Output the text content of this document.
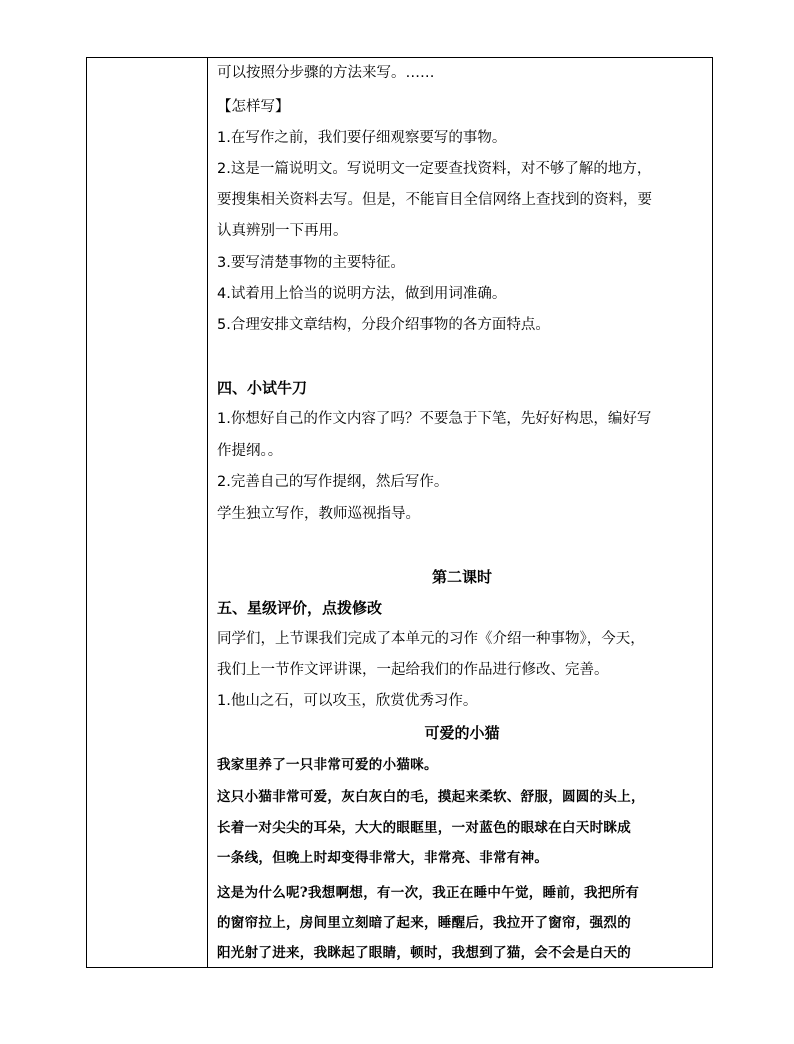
可以按照分步骤的方法来写。……
【怎样写】
1.在写作之前，我们要仔细观察要写的事物。
2.这是一篇说明文。写说明文一定要查找资料，对不够了解的地方，
要搜集相关资料去写。但是，不能盲目全信网络上查找到的资料，要
认真辨别一下再用。
3.要写清楚事物的主要特征。
4.试着用上恰当的说明方法，做到用词准确。
5.合理安排文章结构，分段介绍事物的各方面特点。
四、小试牛刀
1.你想好自己的作文内容了吗？不要急于下笔，先好好构思，编好写
作提纲。。
2.完善自己的写作提纲，然后写作。
学生独立写作，教师巡视指导。
第二课时
五、星级评价，点拨修改
同学们，上节课我们完成了本单元的习作《介绍一种事物》，今天，
我们上一节作文评讲课，一起给我们的作品进行修改、完善。
1.他山之石，可以攻玉，欣赏优秀习作。
可爱的小猫
我家里养了一只非常可爱的小猫咪。
这只小猫非常可爱，灰白灰白的毛，摸起来柔软、舒服，圆圆的头上，
长着一对尖尖的耳朵，大大的眼眶里，一对蓝色的眼球在白天时眯成
一条线，但晚上时却变得非常大，非常亮、非常有神。
这是为什么呢?我想啊想，有一次，我正在睡中午觉，睡前，我把所有
的窗帘拉上，房间里立刻暗了起来，睡醒后，我拉开了窗帘，强烈的
阳光射了进来，我眯起了眼睛，顿时，我想到了猫，会不会是白天的
